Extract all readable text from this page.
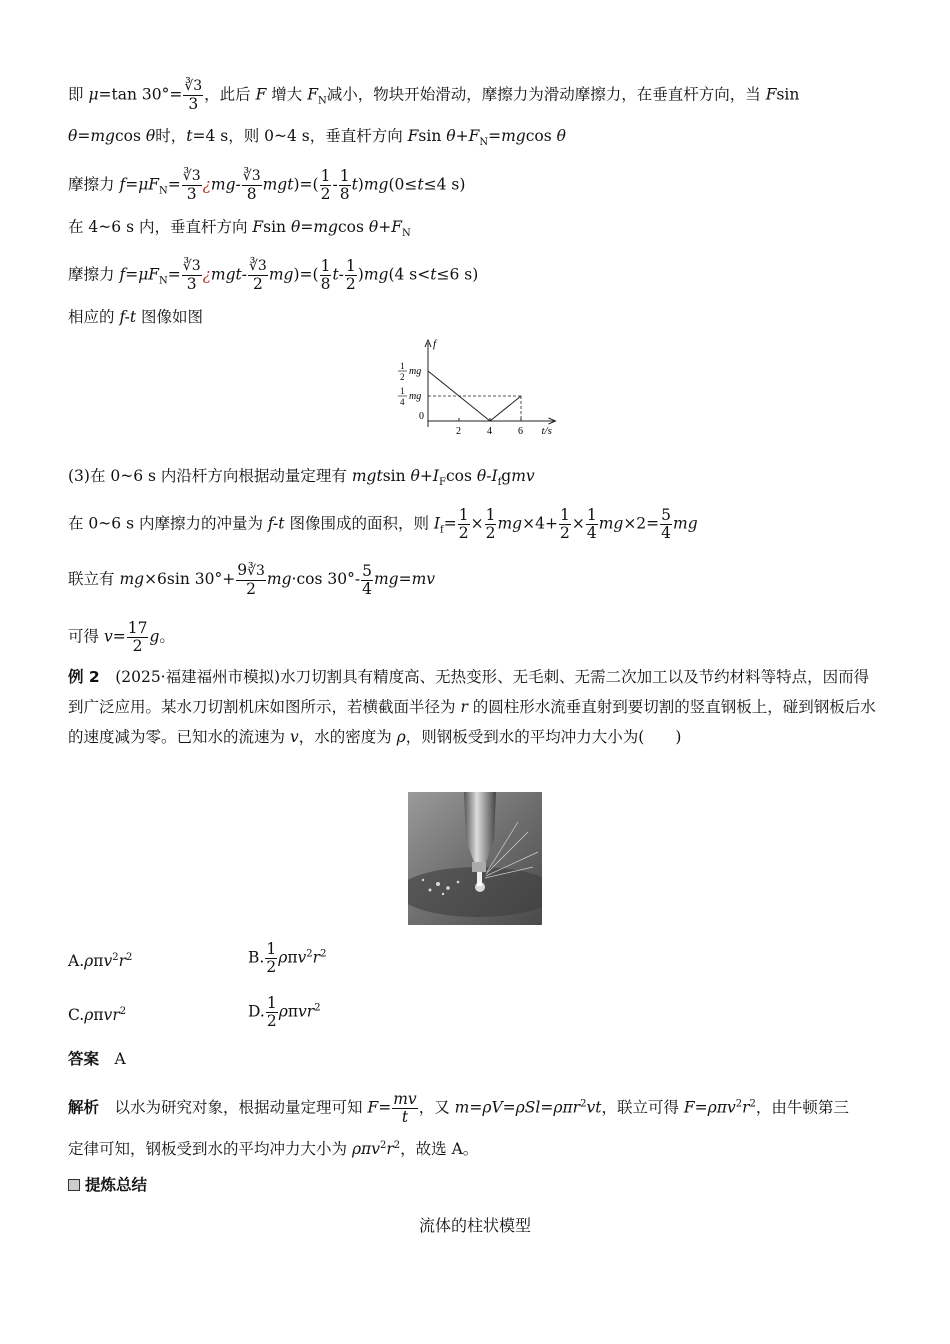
即 μ=tan $30^\circ= \frac{∛3}{3}$ ，此后 F 增大 $F_N$减小，物块开始滑动，摩擦力为滑动摩擦力，在垂直杆方向，当 Fsin
θ=mgcos θ时，t=4 s，则 0~4 s，垂直杆方向 Fsin $\theta+F_N=mgcos$ θ
摩擦力 $f=\mu F_N= \frac{∛3}{3}$ ¿$mg- \frac{∛3}{8} mgt)=( \frac{1}{2} - \frac{1}{8} t)mg(0\le t\le 4$ s)
在 4~6 s 内，垂直杆方向 Fsin θ=mgcos $\theta+F_N$
摩擦力 $f=\mu F_N= \frac{∛3}{3}$ ¿$mgt- \frac{∛3}{2} mg)=( \frac{1}{8} t- \frac{1}{2} )mg(4$ s<t≤6 s)
相应的 f-t 图像如图
f
t/s
0
2	4	6
1
2 mg
1
4 mg
(3)在 0~6 s 内沿杆方向根据动量定理有 mgtsin $\theta+I_F\cos$ $\theta-I_fgmv$
在 0~6 s 内摩擦力的冲量为 f-t 图像围成的面积，则 $I_f= \frac{1}{2} \times \frac{1}{2} mg\times 4+ \frac{1}{2} \times \frac{1}{4} mg\times 2= \frac{5}{4}$ mg
联立有 mg×6sin $30^\circ+ \frac{9∛3}{2} mg\cdot\cos$ $30^\circ- \frac{5}{4} mg=mv$
可得 $v= \frac{17}{2}$ g。
例 2　(2025·福建福州市模拟)水刀切割具有精度高、无热变形、无毛刺、无需二次加工以及节约材料等特点，因而得到广泛应用。某水刀切割机床如图所示，若横截面半径为 r 的圆柱形水流垂直射到要切割的竖直钢板上，碰到钢板后水的速度减为零。已知水的流速为 v，水的密度为 ρ，则钢板受到水的平均冲力大小为(　　)
$A.\rho\pi v^2r^2$	B. $\frac{1}{2} \rho\pi v^2r^2$
C.ρπvr$^2$	D. $\frac{1}{2} \rho\pi vr^2$
答案　 A
解析　以水为研究对象，根据动量定理可知 $F= \frac{mv}{t}$ ，又 m=ρV=ρSl=ρπr$^2$vt，联立可得 $F=\rho\pi v^2r^2$，由牛顿第三
定律可知，钢板受到水的平均冲力大小为 $\rho\pi v^2r^2$，故选 A。
提炼总结
流体的柱状模型
